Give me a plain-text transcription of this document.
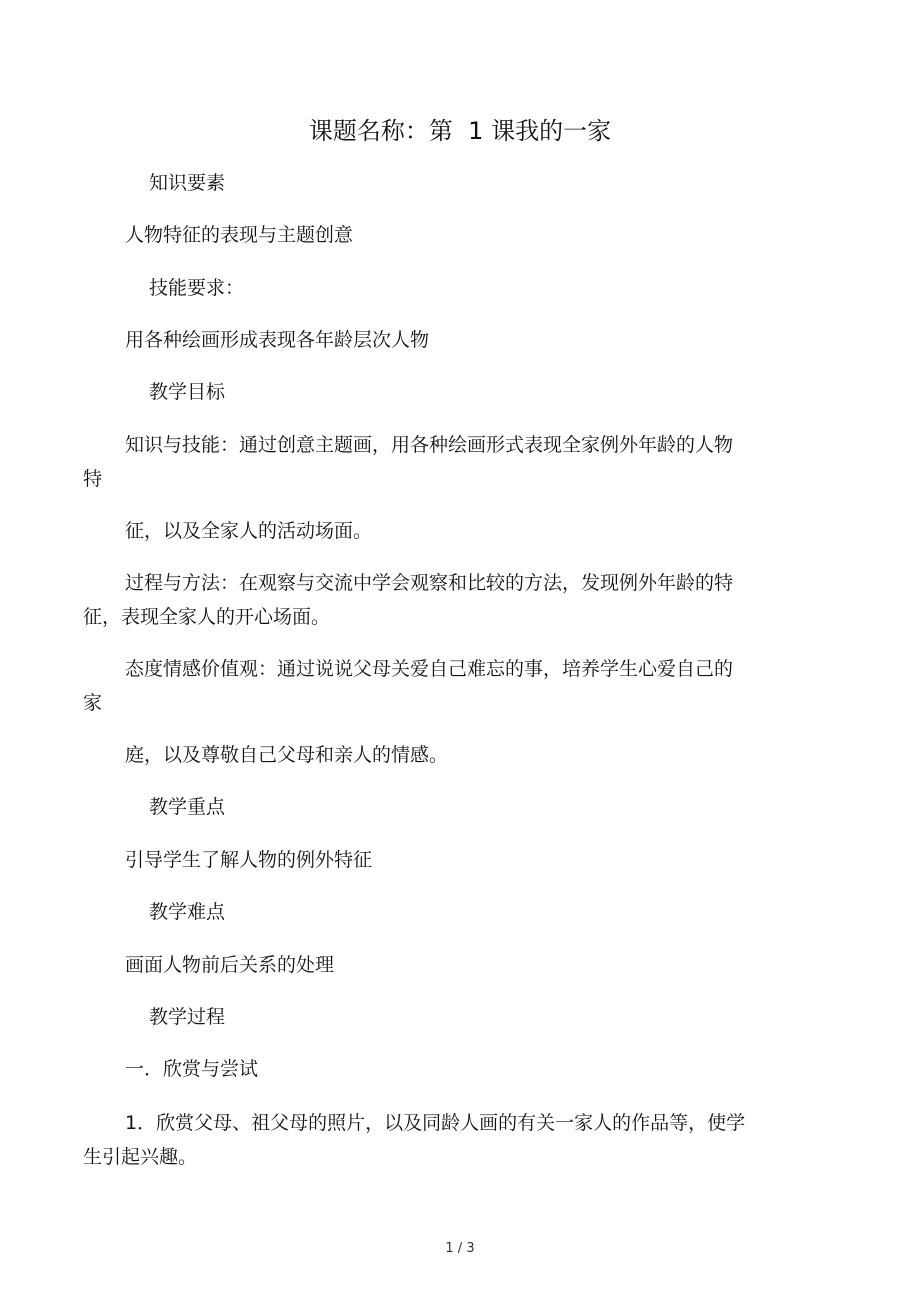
课题名称：第  1 课我的一家
知识要素
人物特征的表现与主题创意
技能要求：
用各种绘画形成表现各年龄层次人物
教学目标
知识与技能：通过创意主题画，用各种绘画形式表现全家例外年龄的人物
特
征，以及全家人的活动场面。
过程与方法：在观察与交流中学会观察和比较的方法，发现例外年龄的特
征，表现全家人的开心场面。
态度情感价值观：通过说说父母关爱自己难忘的事，培养学生心爱自己的
家
庭，以及尊敬自己父母和亲人的情感。
教学重点
引导学生了解人物的例外特征
教学难点
画面人物前后关系的处理
教学过程
一．欣赏与尝试
1．欣赏父母、祖父母的照片，以及同龄人画的有关一家人的作品等，使学
生引起兴趣。
1 / 3
